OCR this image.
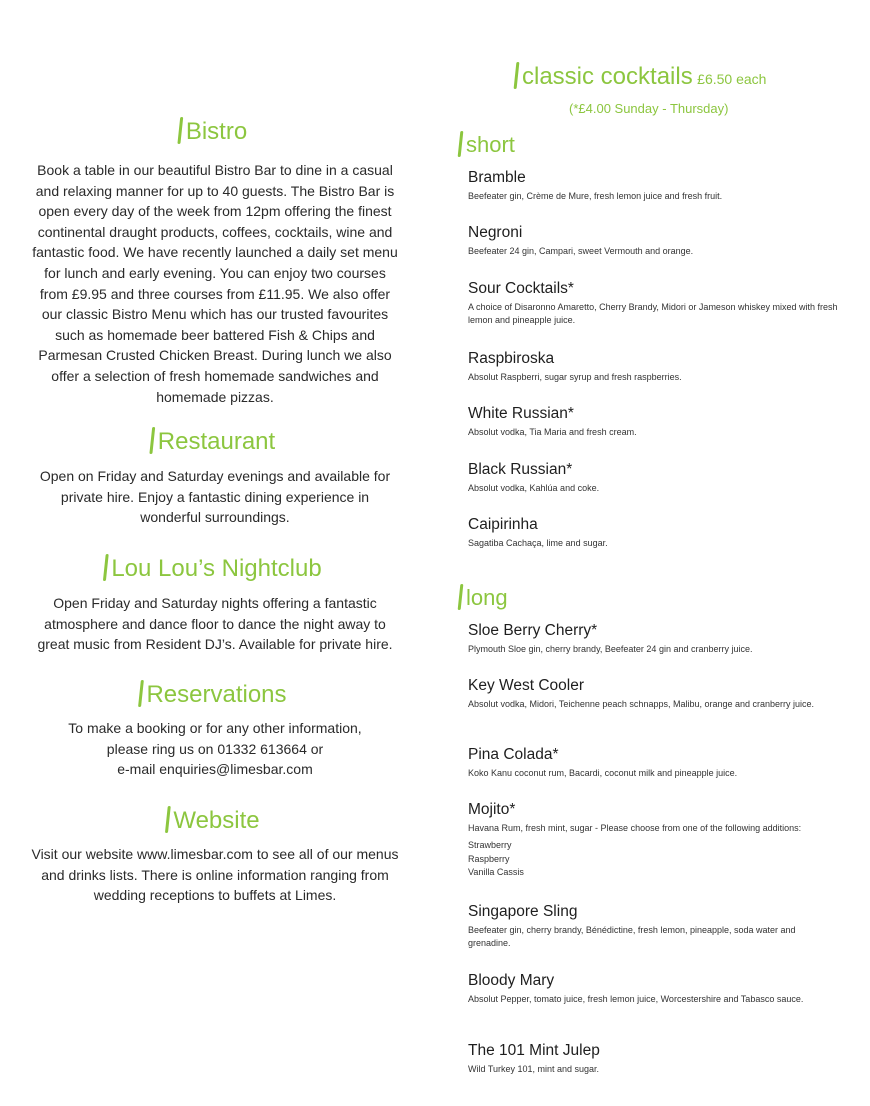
Bistro
Book a table in our beautiful Bistro Bar to dine in a casual and relaxing manner for up to 40 guests. The Bistro Bar is open every day of the week from 12pm offering the finest continental draught products, coffees, cocktails, wine and fantastic food. We have recently launched a daily set menu for lunch and early evening. You can enjoy two courses from £9.95 and three courses from £11.95. We also offer our classic Bistro Menu which has our trusted favourites such as homemade beer battered Fish & Chips and Parmesan Crusted Chicken Breast. During lunch we also offer a selection of fresh homemade sandwiches and homemade pizzas.
Restaurant
Open on Friday and Saturday evenings and available for private hire. Enjoy a fantastic dining experience in wonderful surroundings.
Lou Lou’s Nightclub
Open Friday and Saturday nights offering a fantastic atmosphere and dance floor to dance the night away to great music from Resident DJ’s. Available for private hire.
Reservations
To make a booking or for any other information,
please ring us on 01332 613664 or
e-mail enquiries@limesbar.com
Website
Visit our website www.limesbar.com to see all of our menus and drinks lists. There is online information ranging from wedding receptions to buffets at Limes.
classic cocktails £6.50 each
(*£4.00 Sunday - Thursday)
short
Bramble
Beefeater gin, Crème de Mure, fresh lemon juice and fresh fruit.
Negroni
Beefeater 24 gin, Campari, sweet Vermouth and orange.
Sour Cocktails*
A choice of Disaronno Amaretto, Cherry Brandy, Midori or Jameson whiskey mixed with fresh lemon and pineapple juice.
Raspbiroska
Absolut Raspberri, sugar syrup and fresh raspberries.
White Russian*
Absolut vodka, Tia Maria and fresh cream.
Black Russian*
Absolut vodka, Kahlúa and coke.
Caipirinha
Sagatiba Cachaça, lime and sugar.
long
Sloe Berry Cherry*
Plymouth Sloe gin, cherry brandy, Beefeater 24 gin and cranberry juice.
Key West Cooler
Absolut vodka, Midori, Teichenne peach schnapps, Malibu, orange and cranberry juice.
Pina Colada*
Koko Kanu coconut rum, Bacardi, coconut milk and pineapple juice.
Mojito*
Havana Rum, fresh mint, sugar - Please choose from one of the following additions:
Strawberry
Raspberry
Vanilla Cassis
Singapore Sling
Beefeater gin, cherry brandy, Bénédictine, fresh lemon, pineapple, soda water and grenadine.
Bloody Mary
Absolut Pepper, tomato juice, fresh lemon juice, Worcestershire and Tabasco sauce.
The 101 Mint Julep
Wild Turkey 101, mint and sugar.
